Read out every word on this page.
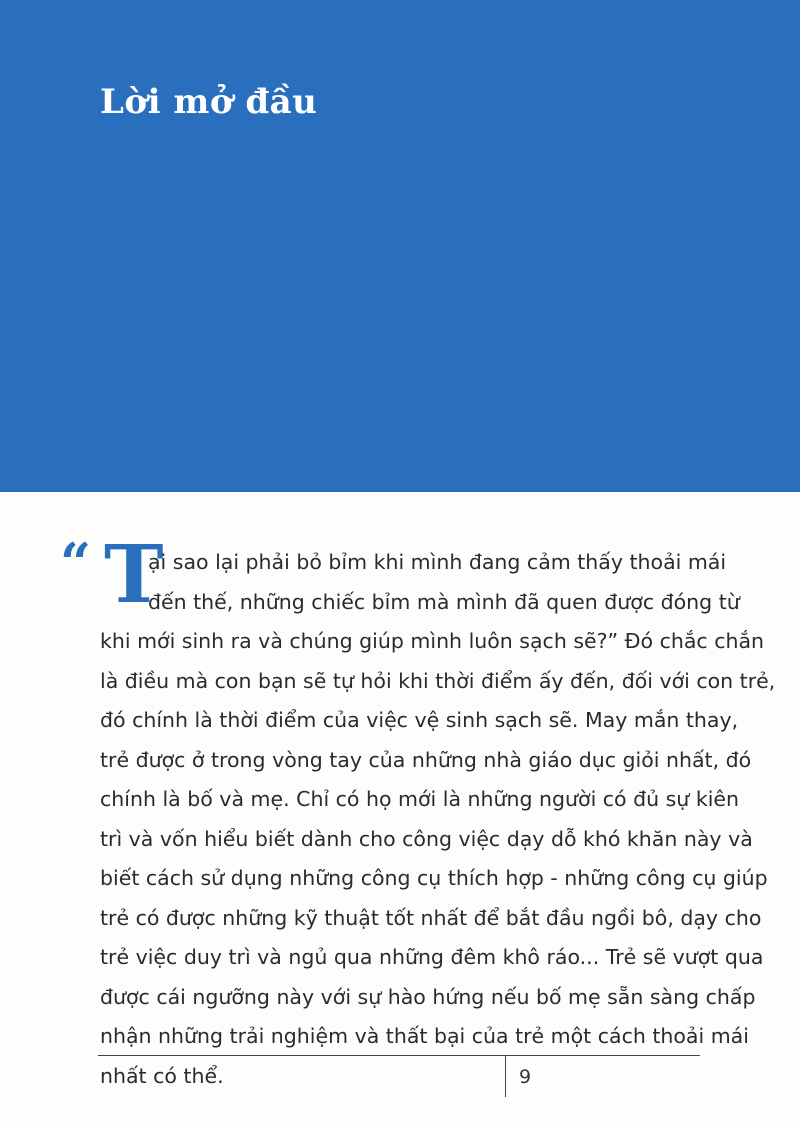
Lời mở đầu
“ T

ại sao lại phải bỏ bỉm khi mình đang cảm thấy thoải mái
đến thế, những chiếc bỉm mà mình đã quen được đóng từ
khi mới sinh ra và chúng giúp mình luôn sạch sẽ?” Đó chắc chắn
là điều mà con bạn sẽ tự hỏi khi thời điểm ấy đến, đối với con trẻ,
đó chính là thời điểm của việc vệ sinh sạch sẽ. May mắn thay,
trẻ được ở trong vòng tay của những nhà giáo dục giỏi nhất, đó
chính là bố và mẹ. Chỉ có họ mới là những người có đủ sự kiên
trì và vốn hiểu biết dành cho công việc dạy dỗ khó khăn này và
biết cách sử dụng những công cụ thích hợp - những công cụ giúp
trẻ có được những kỹ thuật tốt nhất để bắt đầu ngồi bô, dạy cho
trẻ việc duy trì và ngủ qua những đêm khô ráo... Trẻ sẽ vượt qua
được cái ngưỡng này với sự hào hứng nếu bố mẹ sẵn sàng chấp
nhận những trải nghiệm và thất bại của trẻ một cách thoải mái
nhất có thể.	9
